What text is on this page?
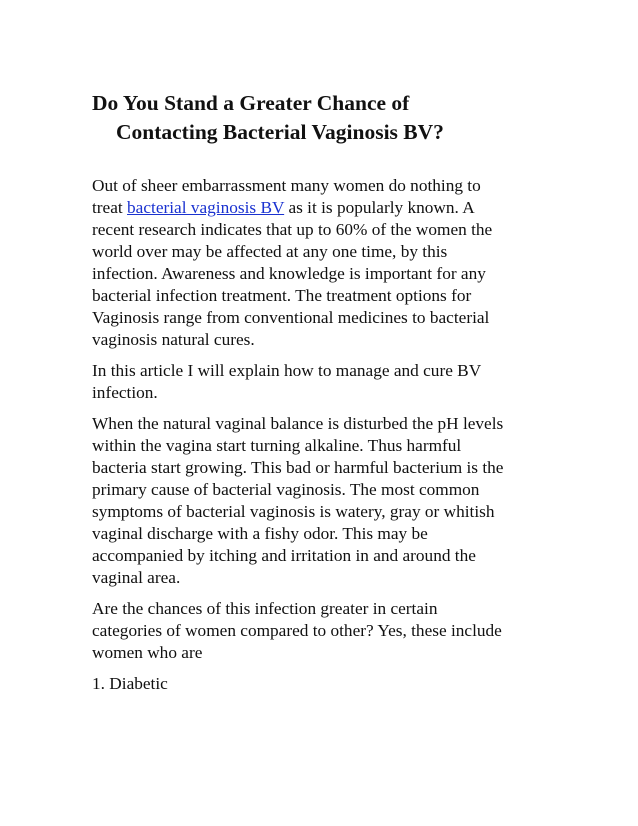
Do You Stand a Greater Chance of
Contacting Bacterial Vaginosis BV?

Out of sheer embarrassment many women do nothing to
treat bacterial vaginosis BV as it is popularly known. A
recent research indicates that up to 60% of the women the
world over may be affected at any one time, by this
infection. Awareness and knowledge is important for any
bacterial infection treatment. The treatment options for
Vaginosis range from conventional medicines to bacterial
vaginosis natural cures.

In this article I will explain how to manage and cure BV
infection.

When the natural vaginal balance is disturbed the pH levels
within the vagina start turning alkaline. Thus harmful
bacteria start growing. This bad or harmful bacterium is the
primary cause of bacterial vaginosis. The most common
symptoms of bacterial vaginosis is watery, gray or whitish
vaginal discharge with a fishy odor. This may be
accompanied by itching and irritation in and around the
vaginal area.

Are the chances of this infection greater in certain
categories of women compared to other? Yes, these include
women who are

1. Diabetic
